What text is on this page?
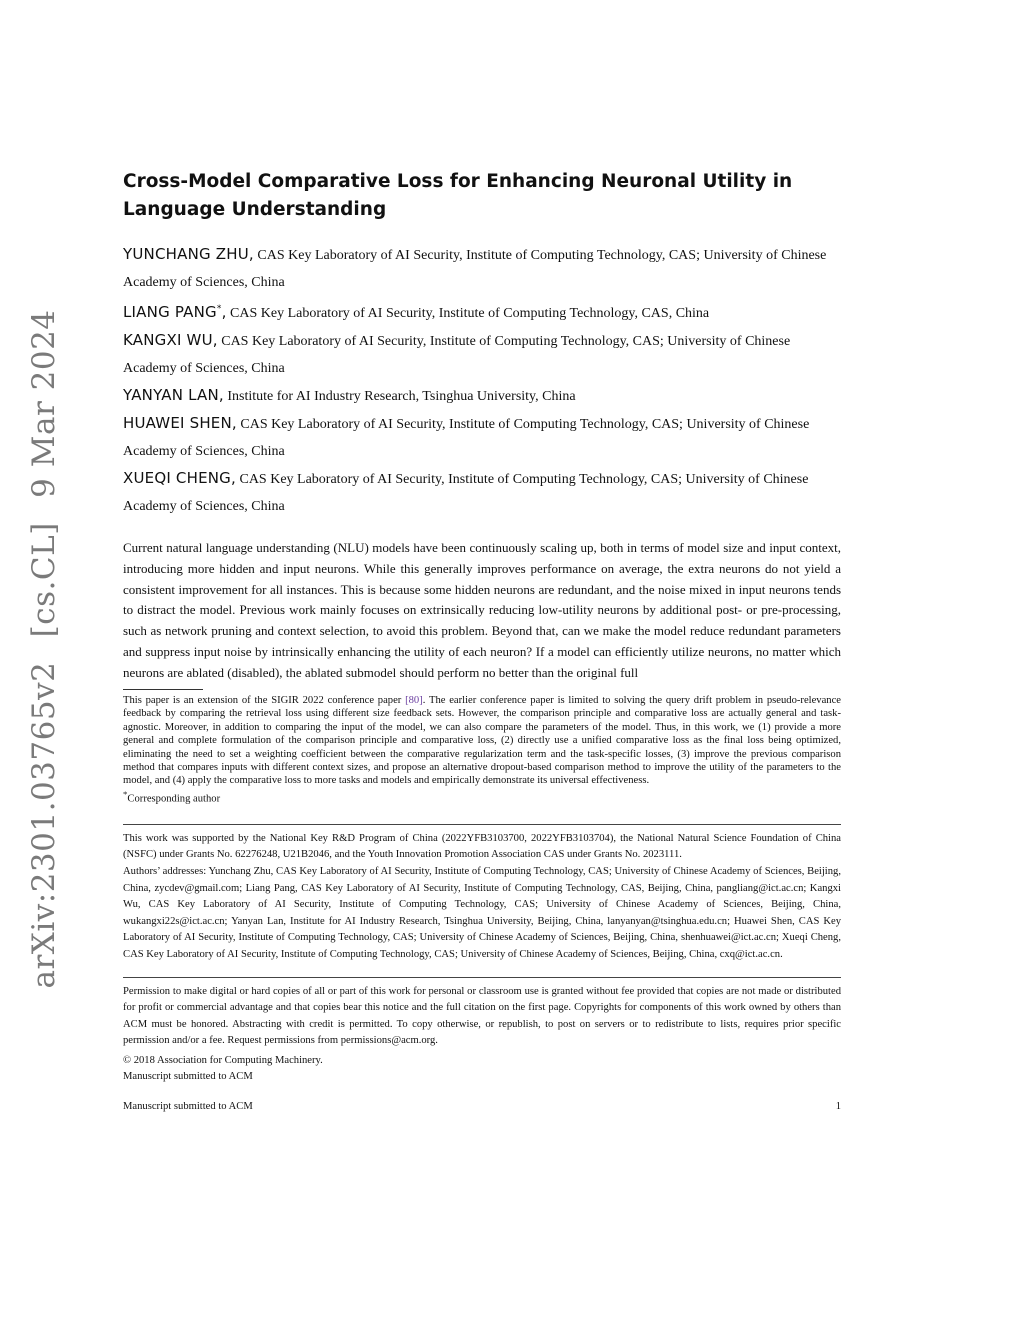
arXiv:2301.03765v2 [cs.CL] 9 Mar 2024
Cross-Model Comparative Loss for Enhancing Neuronal Utility in Language Understanding

YUNCHANG ZHU, CAS Key Laboratory of AI Security, Institute of Computing Technology, CAS; University of Chinese Academy of Sciences, China

LIANG PANG*, CAS Key Laboratory of AI Security, Institute of Computing Technology, CAS, China

KANGXI WU, CAS Key Laboratory of AI Security, Institute of Computing Technology, CAS; University of Chinese Academy of Sciences, China

YANYAN LAN, Institute for AI Industry Research, Tsinghua University, China

HUAWEI SHEN, CAS Key Laboratory of AI Security, Institute of Computing Technology, CAS; University of Chinese Academy of Sciences, China

XUEQI CHENG, CAS Key Laboratory of AI Security, Institute of Computing Technology, CAS; University of Chinese Academy of Sciences, China

Current natural language understanding (NLU) models have been continuously scaling up, both in terms of model size and input context, introducing more hidden and input neurons. While this generally improves performance on average, the extra neurons do not yield a consistent improvement for all instances. This is because some hidden neurons are redundant, and the noise mixed in input neurons tends to distract the model. Previous work mainly focuses on extrinsically reducing low-utility neurons by additional post- or pre-processing, such as network pruning and context selection, to avoid this problem. Beyond that, can we make the model reduce redundant parameters and suppress input noise by intrinsically enhancing the utility of each neuron? If a model can efficiently utilize neurons, no matter which neurons are ablated (disabled), the ablated submodel should perform no better than the original full

This paper is an extension of the SIGIR 2022 conference paper [80]. The earlier conference paper is limited to solving the query drift problem in pseudo-relevance feedback by comparing the retrieval loss using different size feedback sets. However, the comparison principle and comparative loss are actually general and task-agnostic. Moreover, in addition to comparing the input of the model, we can also compare the parameters of the model. Thus, in this work, we (1) provide a more general and complete formulation of the comparison principle and comparative loss, (2) directly use a unified comparative loss as the final loss being optimized, eliminating the need to set a weighting coefficient between the comparative regularization term and the task-specific losses, (3) improve the previous comparison method that compares inputs with different context sizes, and propose an alternative dropout-based comparison method to improve the utility of the parameters to the model, and (4) apply the comparative loss to more tasks and models and empirically demonstrate its universal effectiveness.

*Corresponding author

This work was supported by the National Key R&D Program of China (2022YFB3103700, 2022YFB3103704), the National Natural Science Foundation of China (NSFC) under Grants No. 62276248, U21B2046, and the Youth Innovation Promotion Association CAS under Grants No. 2023111.

Authors’ addresses: Yunchang Zhu, CAS Key Laboratory of AI Security, Institute of Computing Technology, CAS; University of Chinese Academy of Sciences, Beijing, China, zycdev@gmail.com; Liang Pang, CAS Key Laboratory of AI Security, Institute of Computing Technology, CAS, Beijing, China, pangliang@ict.ac.cn; Kangxi Wu, CAS Key Laboratory of AI Security, Institute of Computing Technology, CAS; University of Chinese Academy of Sciences, Beijing, China, wukangxi22s@ict.ac.cn; Yanyan Lan, Institute for AI Industry Research, Tsinghua University, Beijing, China, lanyanyan@tsinghua.edu.cn; Huawei Shen, CAS Key Laboratory of AI Security, Institute of Computing Technology, CAS; University of Chinese Academy of Sciences, Beijing, China, shenhuawei@ict.ac.cn; Xueqi Cheng, CAS Key Laboratory of AI Security, Institute of Computing Technology, CAS; University of Chinese Academy of Sciences, Beijing, China, cxq@ict.ac.cn.

Permission to make digital or hard copies of all or part of this work for personal or classroom use is granted without fee provided that copies are not made or distributed for profit or commercial advantage and that copies bear this notice and the full citation on the first page. Copyrights for components of this work owned by others than ACM must be honored. Abstracting with credit is permitted. To copy otherwise, or republish, to post on servers or to redistribute to lists, requires prior specific permission and/or a fee. Request permissions from permissions@acm.org.

© 2018 Association for Computing Machinery.

Manuscript submitted to ACM

Manuscript submitted to ACM	1
